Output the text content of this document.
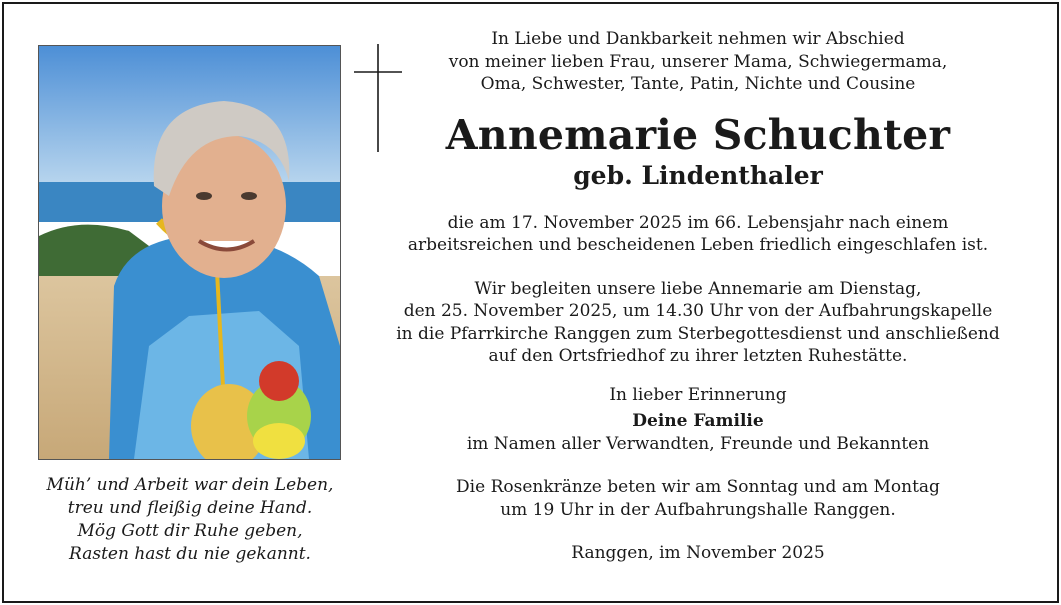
Müh’ und Arbeit war dein Leben,
treu und fleißig deine Hand.
Mög Gott dir Ruhe geben,
Rasten hast du nie gekannt.
In Liebe und Dankbarkeit nehmen wir Abschied
von meiner lieben Frau, unserer Mama, Schwiegermama,
Oma, Schwester, Tante, Patin, Nichte und Cousine
Annemarie Schuchter
geb. Lindenthaler
die am 17. November 2025 im 66. Lebensjahr nach einem
arbeitsreichen und bescheidenen Leben friedlich eingeschlafen ist.
Wir begleiten unsere liebe Annemarie am Dienstag,
den 25. November 2025, um 14.30 Uhr von der Aufbahrungskapelle
in die Pfarrkirche Ranggen zum Sterbegottesdienst und anschließend
auf den Ortsfriedhof zu ihrer letzten Ruhestätte.
In lieber Erinnerung
Deine Familie
im Namen aller Verwandten, Freunde und Bekannten
Die Rosenkränze beten wir am Sonntag und am Montag
um 19 Uhr in der Aufbahrungshalle Ranggen.
Ranggen, im November 2025
